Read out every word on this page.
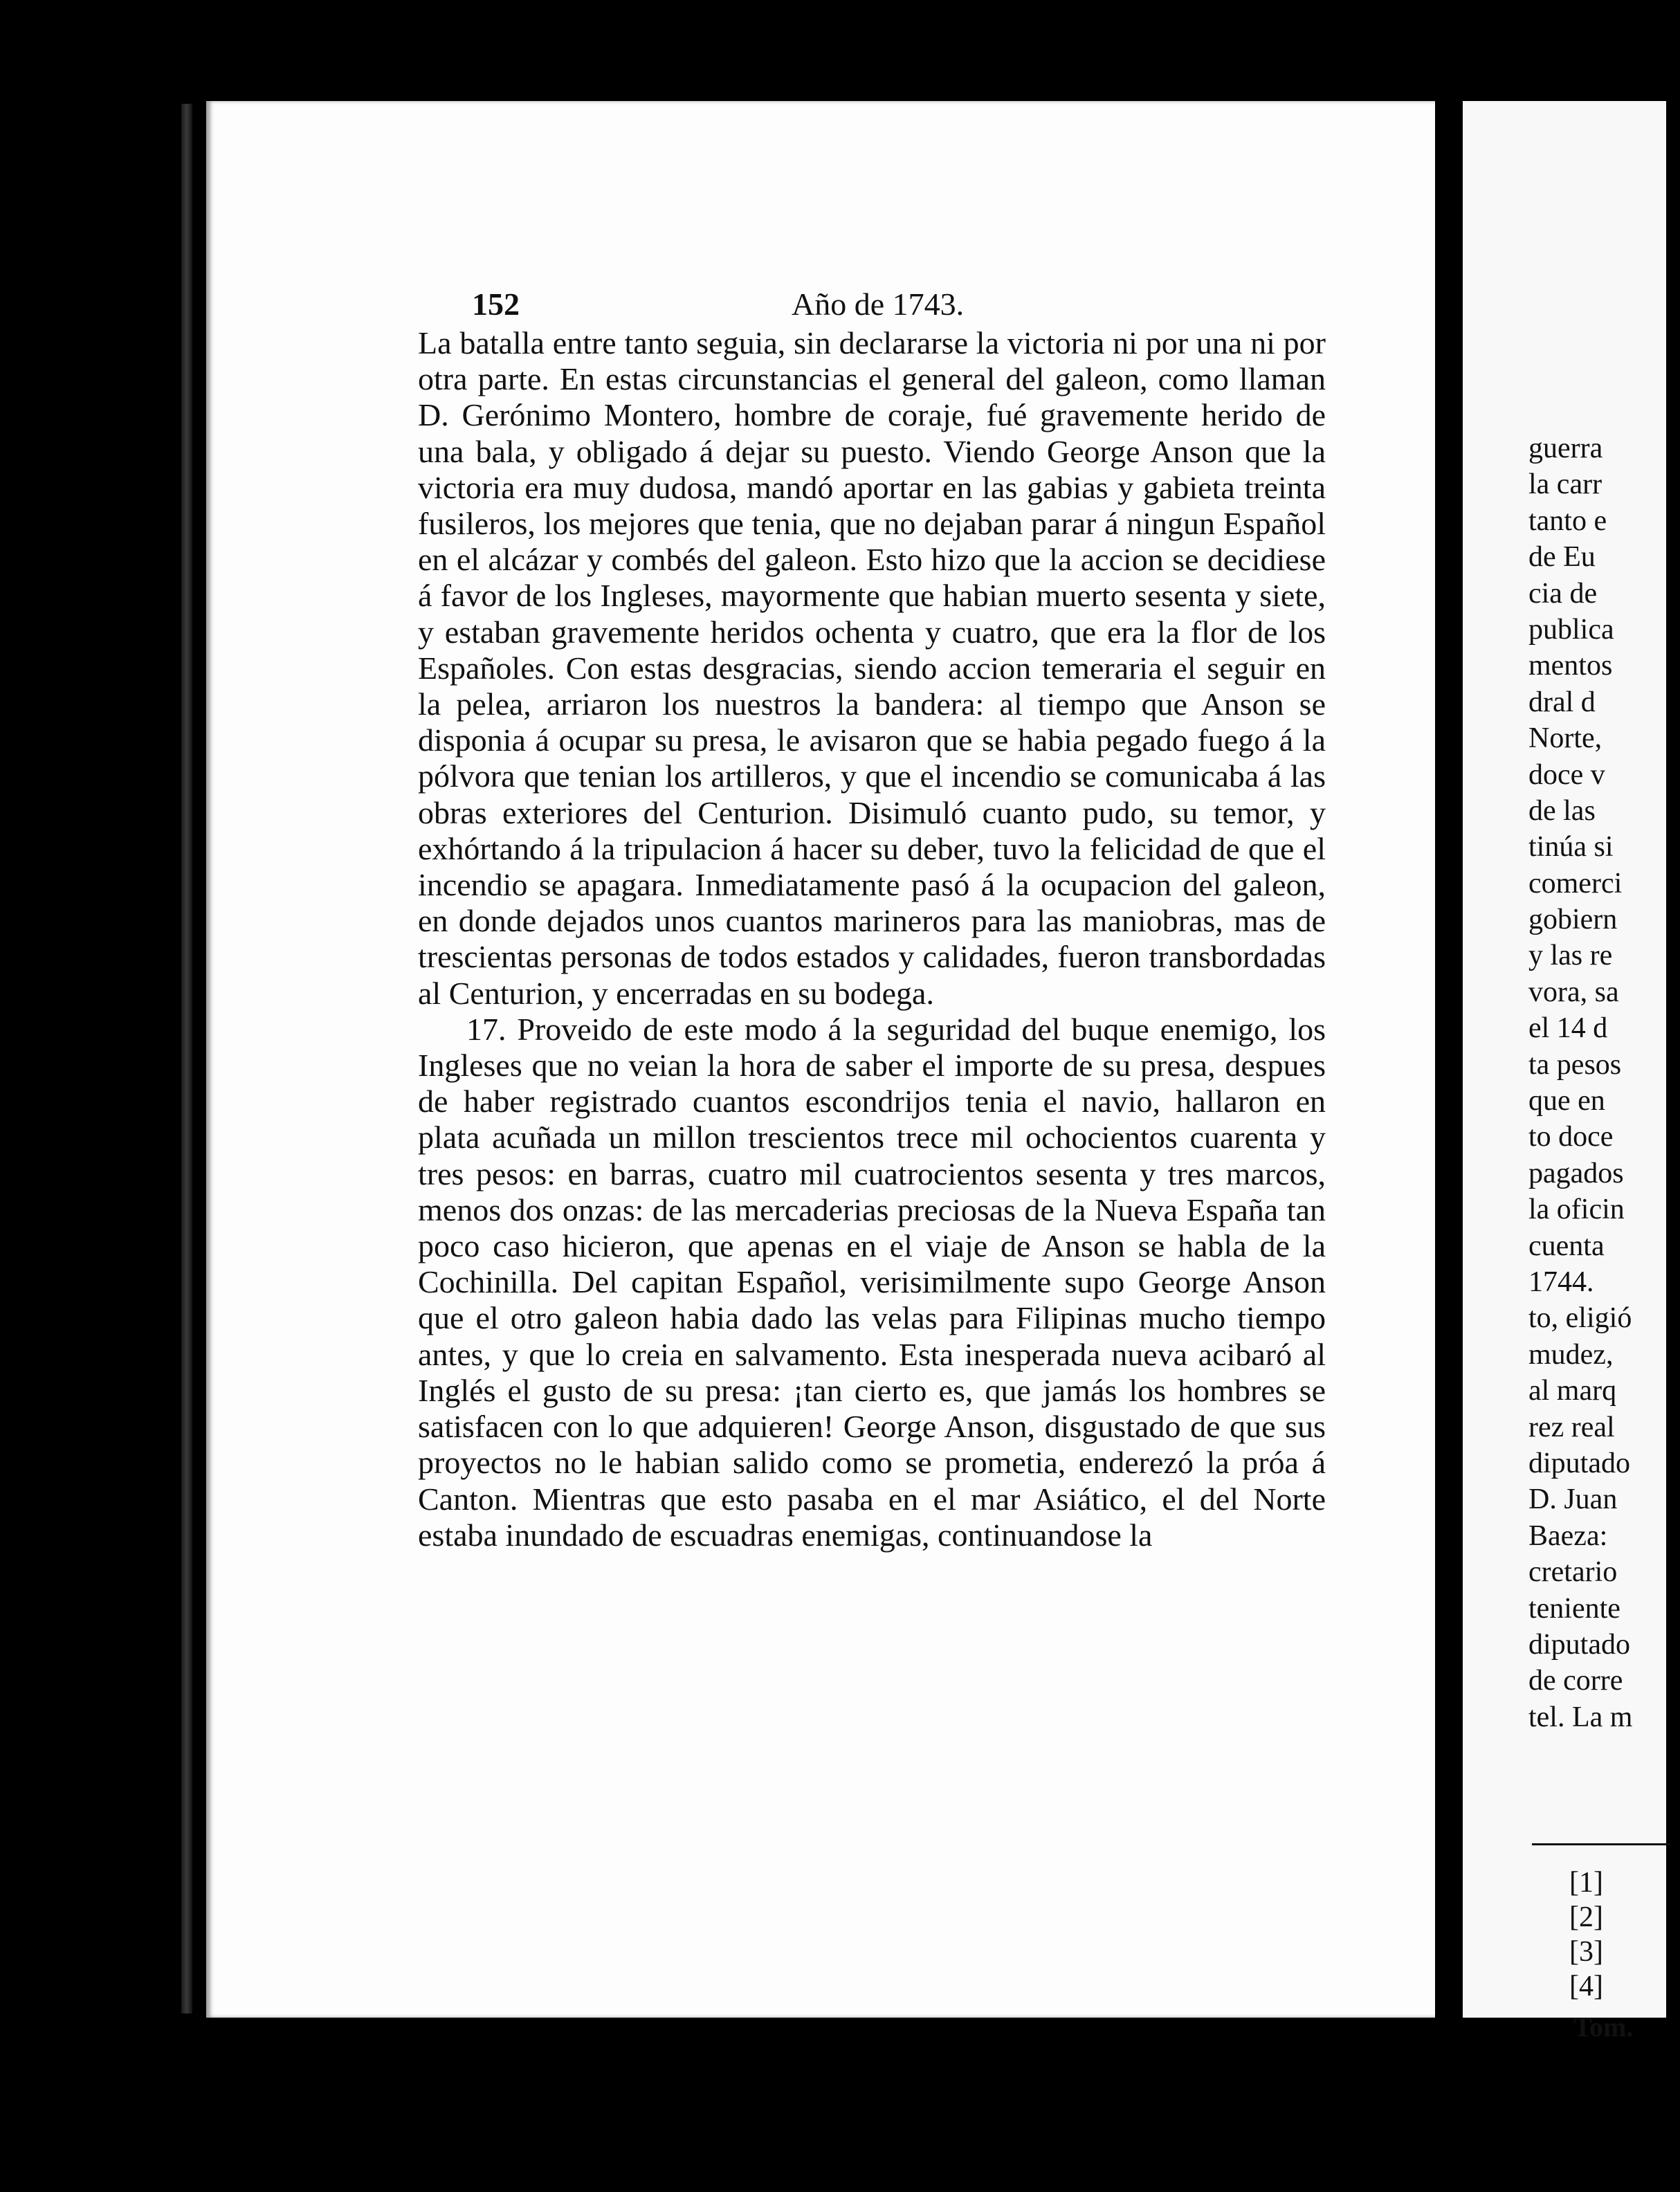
152	Año de 1743.

La batalla entre tanto seguia, sin declararse la victoria ni por una ni por otra parte. En estas circunstancias el general del galeon, como llaman D. Gerónimo Montero, hombre de coraje, fué gravemente herido de una bala, y obligado á dejar su puesto. Viendo George Anson que la victoria era muy dudosa, mandó aportar en las gabias y gabieta treinta fusileros, los mejores que tenia, que no dejaban parar á ningun Español en el alcázar y combés del galeon. Esto hizo que la accion se decidiese á favor de los Ingleses, mayormente que habian muerto sesenta y siete, y estaban gravemente heridos ochenta y cuatro, que era la flor de los Españoles. Con estas desgracias, siendo accion temeraria el seguir en la pelea, arriaron los nuestros la bandera: al tiempo que Anson se disponia á ocupar su presa, le avisaron que se habia pegado fuego á la pólvora que tenian los artilleros, y que el incendio se comunicaba á las obras exteriores del Centurion. Disimuló cuanto pudo, su temor, y exhórtando á la tripulacion á hacer su deber, tuvo la felicidad de que el incendio se apagara. Inmediatamente pasó á la ocupacion del galeon, en donde dejados unos cuantos marineros para las maniobras, mas de trescientas personas de todos estados y calidades, fueron transbordadas al Centurion, y encerradas en su bodega.

17. Proveido de este modo á la seguridad del buque enemigo, los Ingleses que no veian la hora de saber el importe de su presa, despues de haber registrado cuantos escondrijos tenia el navio, hallaron en plata acuñada un millon trescientos trece mil ochocientos cuarenta y tres pesos: en barras, cuatro mil cuatrocientos sesenta y tres marcos, menos dos onzas: de las mercaderias preciosas de la Nueva España tan poco caso hicieron, que apenas en el viaje de Anson se habla de la Cochinilla. Del capitan Español, verisimilmente supo George Anson que el otro galeon habia dado las velas para Filipinas mucho tiempo antes, y que lo creia en salvamento. Esta inesperada nueva acibaró al Inglés el gusto de su presa: ¡tan cierto es, que jamás los hombres se satisfacen con lo que adquieren! George Anson, disgustado de que sus proyectos no le habian salido como se prometia, enderezó la próa á Canton. Mientras que esto pasaba en el mar Asiático, el del Norte estaba inundado de escuadras enemigas, continuandose la

guerra
la carr
tanto e
de Eu
cia de
publica
mentos
dral d
Norte,
doce v
de las
tinúa si
comerci
gobiern
y las re
vora, sa
el 14 d
ta pesos
que en
to doce
pagados
la oficin
cuenta
1744.
to, eligió
mudez,
al marq
rez real
diputado
D. Juan
Baeza:
cretario
teniente
diputado
de corre
tel. La m
[1]
[2]
[3]
[4]
Tom.
